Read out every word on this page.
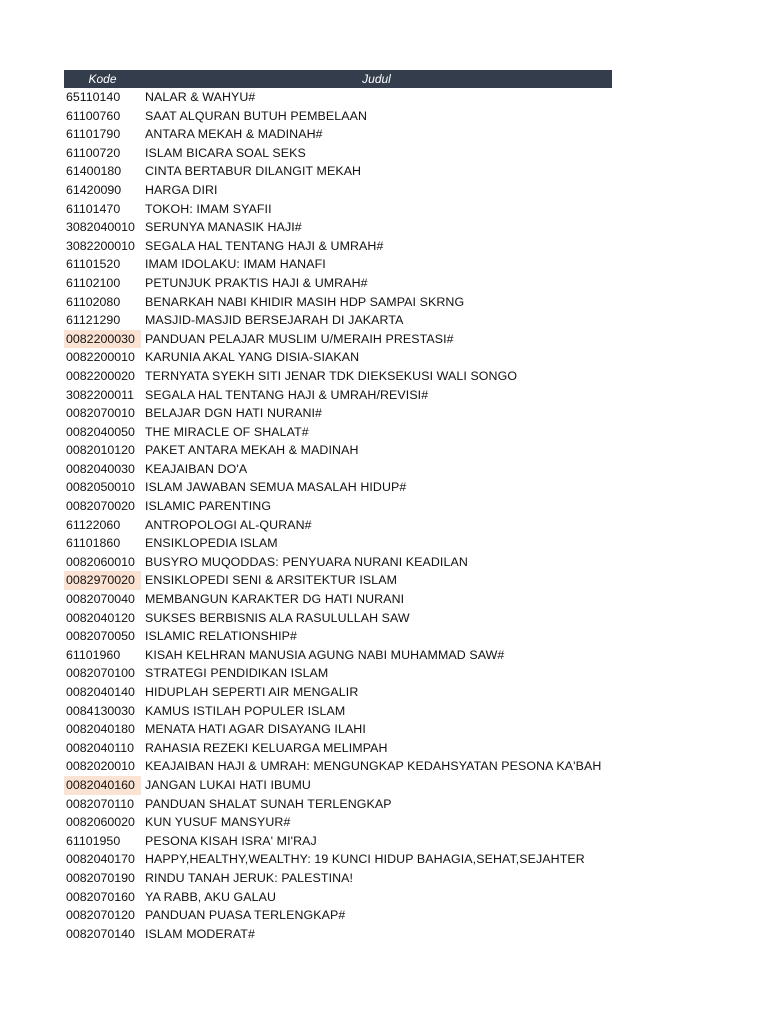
Kode	Judul
65110140	NALAR & WAHYU#
61100760	SAAT ALQURAN BUTUH PEMBELAAN
61101790	ANTARA MEKAH & MADINAH#
61100720	ISLAM BICARA SOAL SEKS
61400180	CINTA BERTABUR DILANGIT MEKAH
61420090	HARGA DIRI
61101470	TOKOH: IMAM SYAFII
3082040010 SERUNYA MANASIK HAJI#
3082200010 SEGALA HAL TENTANG HAJI & UMRAH#
61101520	IMAM IDOLAKU: IMAM HANAFI
61102100	PETUNJUK PRAKTIS HAJI & UMRAH#
61102080	BENARKAH NABI KHIDIR MASIH HDP SAMPAI SKRNG
61121290	MASJID-MASJID BERSEJARAH DI JAKARTA
0082200030 PANDUAN PELAJAR MUSLIM U/MERAIH PRESTASI#
0082200010 KARUNIA AKAL YANG DISIA-SIAKAN
0082200020 TERNYATA SYEKH SITI JENAR TDK DIEKSEKUSI WALI SONGO
3082200011 SEGALA HAL TENTANG HAJI & UMRAH/REVISI#
0082070010 BELAJAR DGN HATI NURANI#
0082040050 THE MIRACLE OF SHALAT#
0082010120 PAKET ANTARA MEKAH & MADINAH
0082040030 KEAJAIBAN DO'A
0082050010 ISLAM JAWABAN SEMUA MASALAH HIDUP#
0082070020 ISLAMIC PARENTING
61122060	ANTROPOLOGI AL-QURAN#
61101860	ENSIKLOPEDIA ISLAM
0082060010 BUSYRO MUQODDAS: PENYUARA NURANI KEADILAN
0082970020 ENSIKLOPEDI SENI & ARSITEKTUR ISLAM
0082070040 MEMBANGUN KARAKTER DG HATI NURANI
0082040120 SUKSES BERBISNIS ALA RASULULLAH SAW
0082070050 ISLAMIC RELATIONSHIP#
61101960	KISAH KELHRAN MANUSIA AGUNG NABI MUHAMMAD SAW#
0082070100 STRATEGI PENDIDIKAN ISLAM
0082040140 HIDUPLAH SEPERTI AIR MENGALIR
0084130030 KAMUS ISTILAH POPULER ISLAM
0082040180 MENATA HATI AGAR DISAYANG ILAHI
0082040110 RAHASIA REZEKI KELUARGA MELIMPAH
0082020010 KEAJAIBAN HAJI & UMRAH: MENGUNGKAP KEDAHSYATAN PESONA KA'BAH
0082040160 JANGAN LUKAI HATI IBUMU
0082070110 PANDUAN SHALAT SUNAH TERLENGKAP
0082060020 KUN YUSUF MANSYUR#
61101950	PESONA KISAH ISRA' MI'RAJ
0082040170 HAPPY,HEALTHY,WEALTHY: 19 KUNCI HIDUP BAHAGIA,SEHAT,SEJAHTER
0082070190 RINDU TANAH JERUK: PALESTINA!
0082070160 YA RABB, AKU GALAU
0082070120 PANDUAN PUASA TERLENGKAP#
0082070140 ISLAM MODERAT#
